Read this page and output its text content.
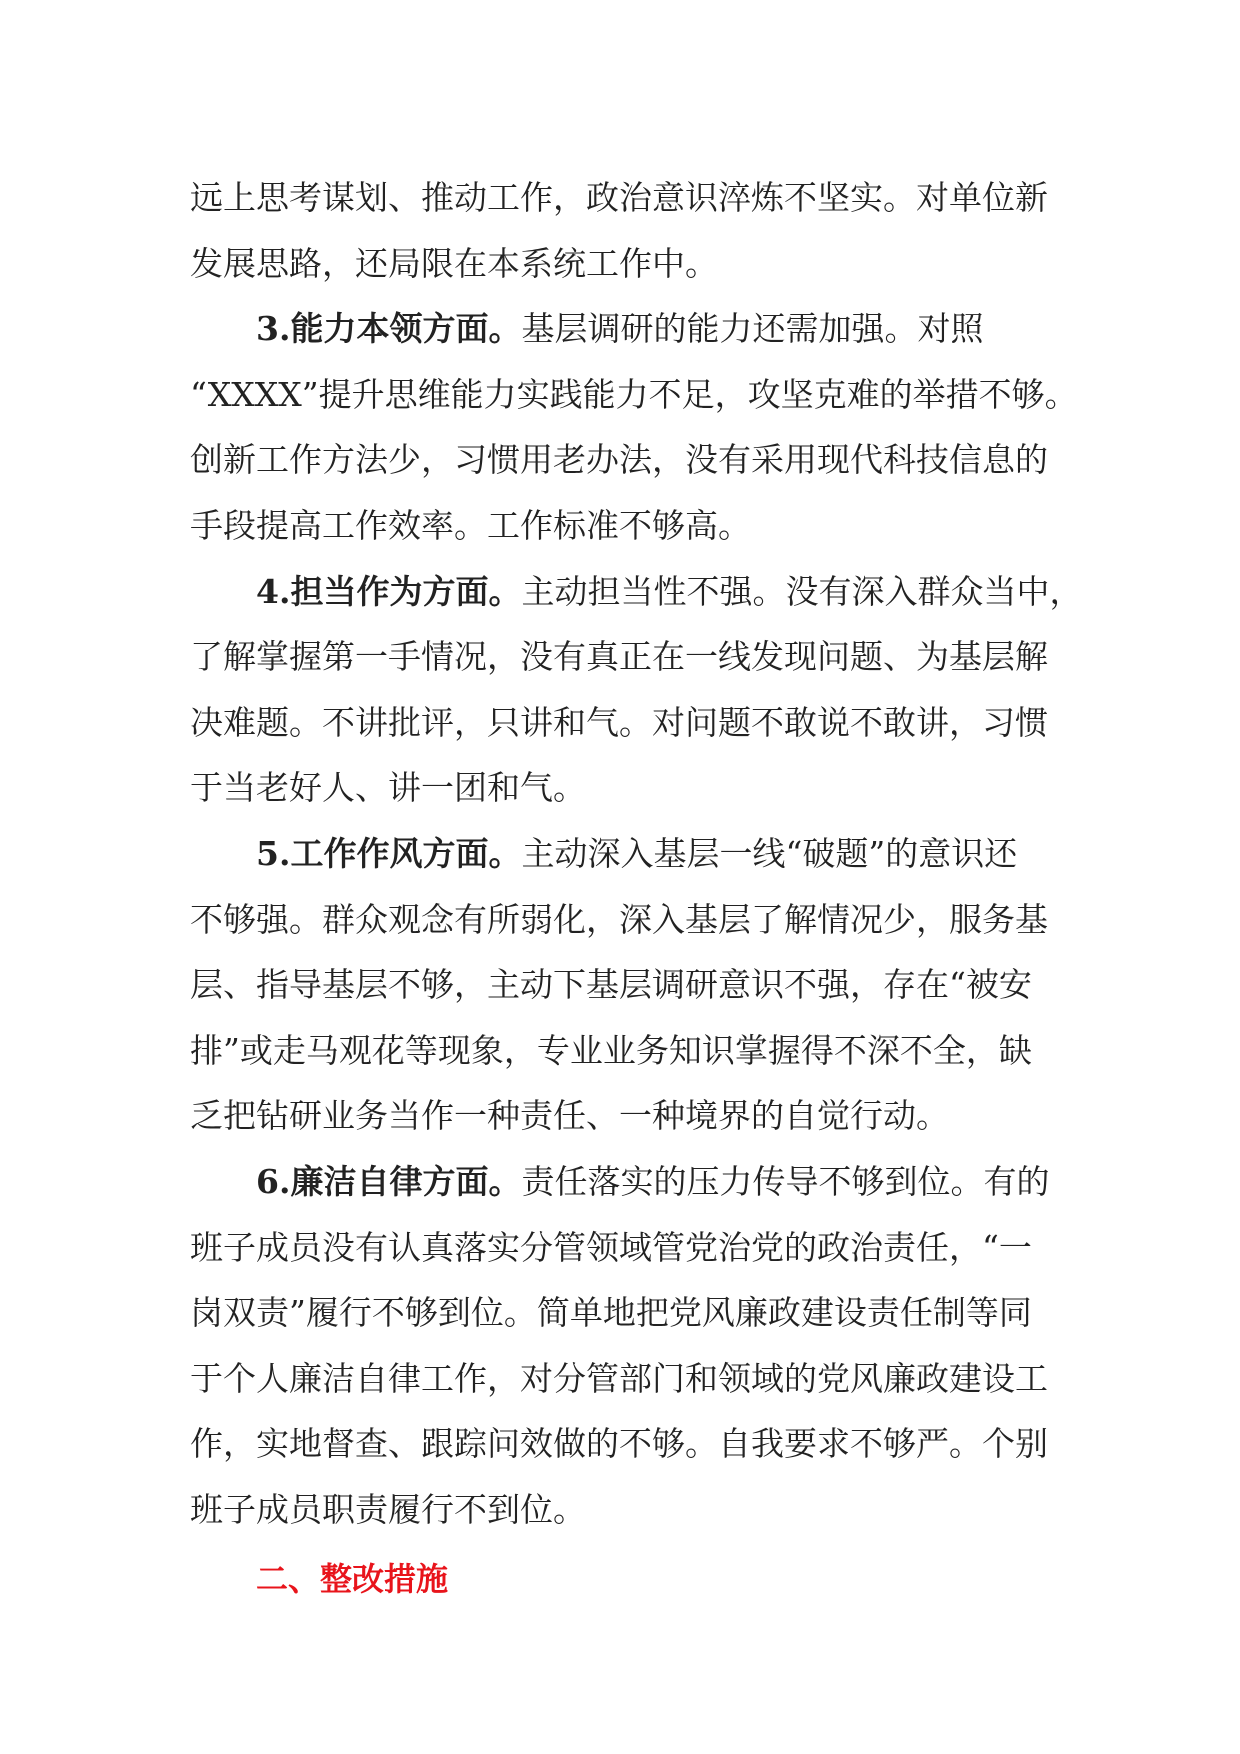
远上思考谋划、推动工作，政治意识淬炼不坚实。对单位新
发展思路，还局限在本系统工作中。
3.能力本领方面。基层调研的能力还需加强。对照
“XXXX”提升思维能力实践能力不足，攻坚克难的举措不够。
创新工作方法少，习惯用老办法，没有采用现代科技信息的
手段提高工作效率。工作标准不够高。
4.担当作为方面。主动担当性不强。没有深入群众当中，
了解掌握第一手情况，没有真正在一线发现问题、为基层解
决难题。不讲批评，只讲和气。对问题不敢说不敢讲，习惯
于当老好人、讲一团和气。
5.工作作风方面。主动深入基层一线“破题”的意识还
不够强。群众观念有所弱化，深入基层了解情况少，服务基
层、指导基层不够，主动下基层调研意识不强，存在“被安
排”或走马观花等现象，专业业务知识掌握得不深不全，缺
乏把钻研业务当作一种责任、一种境界的自觉行动。
6.廉洁自律方面。责任落实的压力传导不够到位。有的
班子成员没有认真落实分管领域管党治党的政治责任，“一
岗双责”履行不够到位。简单地把党风廉政建设责任制等同
于个人廉洁自律工作，对分管部门和领域的党风廉政建设工
作，实地督查、跟踪问效做的不够。自我要求不够严。个别
班子成员职责履行不到位。
二、整改措施
